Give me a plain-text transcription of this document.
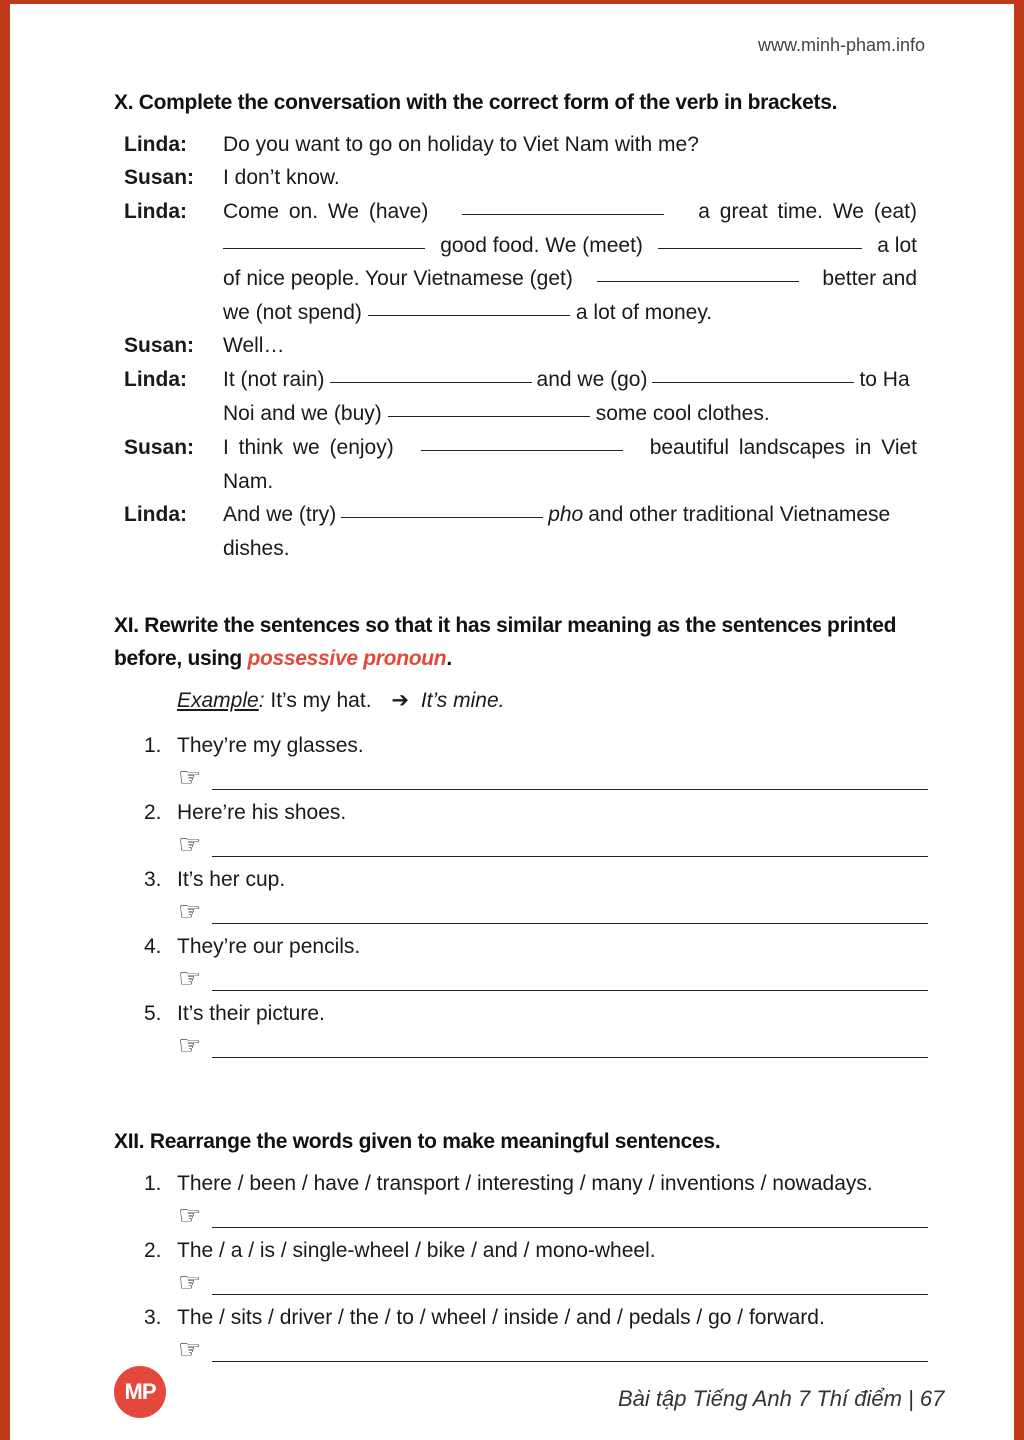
www.minh-pham.info
X. Complete the conversation with the correct form of the verb in brackets.
Linda: Do you want to go on holiday to Viet Nam with me?
Susan: I don’t know.
Linda: Come on. We (have)	a great time. We (eat)
good food. We (meet)	a lot
of nice people. Your Vietnamese (get)	better and
we (not spend)	a lot of money.
Susan: Well…
Linda: It (not rain)	and we (go)	to Ha
Noi and we (buy)	some cool clothes.
Susan: I think we (enjoy)	beautiful landscapes in Viet
Nam.
Linda: And we (try)	pho and other traditional Vietnamese
dishes.
XI. Rewrite the sentences so that it has similar meaning as the sentences printed
before, using possessive pronoun.
Example: It’s my hat. ➔ It’s mine.
1. They’re my glasses.
☞
2. Here’re his shoes.
☞
3. It’s her cup.
☞
4. They’re our pencils.
☞
5. It’s their picture.
☞
XII. Rearrange the words given to make meaningful sentences.
1. There / been / have / transport / interesting / many / inventions / nowadays.
☞
2. The / a / is / single-wheel / bike / and / mono-wheel.
☞
3. The / sits / driver / the / to / wheel / inside / and / pedals / go / forward.
☞
MP	Bài tập Tiếng Anh 7 Thí điểm | 67
